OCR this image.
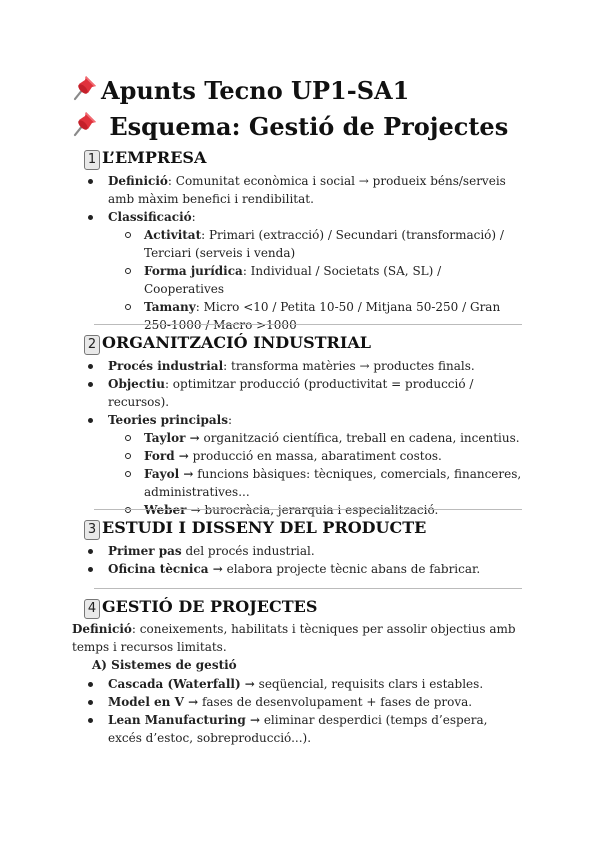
Apunts Tecno UP1-SA1
Esquema: Gestió de Projectes
1 L’EMPRESA
Definició: Comunitat econòmica i social → produeix béns/serveis amb màxim benefici i rendibilitat.
Classificació:
Activitat: Primari (extracció) / Secundari (transformació) / Terciari (serveis i venda)
Forma jurídica: Individual / Societats (SA, SL) / Cooperatives
Tamany: Micro <10 / Petita 10-50 / Mitjana 50-250 / Gran 250-1000 / Macro >1000
2 ORGANITZACIÓ INDUSTRIAL
Procés industrial: transforma matèries → productes finals.
Objectiu: optimitzar producció (productivitat = producció / recursos).
Teories principals:
Taylor → organització científica, treball en cadena, incentius.
Ford → producció en massa, abaratiment costos.
Fayol → funcions bàsiques: tècniques, comercials, financeres, administratives...
Weber → burocràcia, jerarquia i especialització.
3 ESTUDI I DISSENY DEL PRODUCTE
Primer pas del procés industrial.
Oficina tècnica → elabora projecte tècnic abans de fabricar.
4 GESTIÓ DE PROJECTES
Definició: coneixements, habilitats i tècniques per assolir objectius amb temps i recursos limitats.
A) Sistemes de gestió
Cascada (Waterfall) → seqüencial, requisits clars i estables.
Model en V → fases de desenvolupament + fases de prova.
Lean Manufacturing → eliminar desperdici (temps d’espera, excés d’estoc, sobreproducció...).
